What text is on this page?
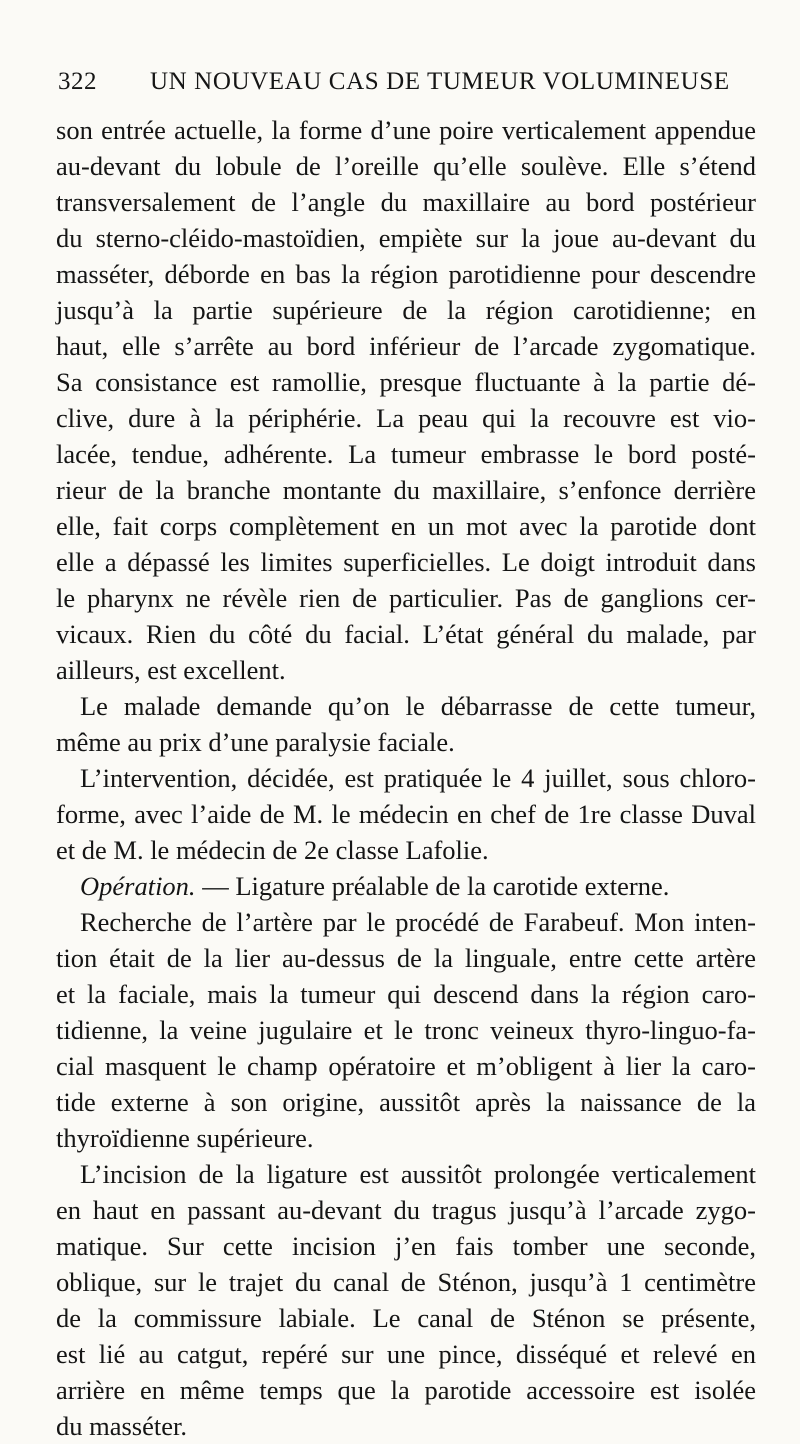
322 UN NOUVEAU CAS DE TUMEUR VOLUMINEUSE
son entrée actuelle, la forme d’une poire verticalement appendue
au-devant du lobule de l’oreille qu’elle soulève. Elle s’étend
transversalement de l’angle du maxillaire au bord postérieur
du sterno-cléido-mastoïdien, empiète sur la joue au-devant du
masséter, déborde en bas la région parotidienne pour descendre
jusqu’à la partie supérieure de la région carotidienne; en
haut, elle s’arrête au bord inférieur de l’arcade zygomatique.
Sa consistance est ramollie, presque fluctuante à la partie dé-
clive, dure à la périphérie. La peau qui la recouvre est vio-
lacée, tendue, adhérente. La tumeur embrasse le bord posté-
rieur de la branche montante du maxillaire, s’enfonce derrière
elle, fait corps complètement en un mot avec la parotide dont
elle a dépassé les limites superficielles. Le doigt introduit dans
le pharynx ne révèle rien de particulier. Pas de ganglions cer-
vicaux. Rien du côté du facial. L’état général du malade, par
ailleurs, est excellent.
Le malade demande qu’on le débarrasse de cette tumeur,
même au prix d’une paralysie faciale.
L’intervention, décidée, est pratiquée le 4 juillet, sous chloro-
forme, avec l’aide de M. le médecin en chef de 1re classe Duval
et de M. le médecin de 2e classe Lafolie.
Opération. — Ligature préalable de la carotide externe.
Recherche de l’artère par le procédé de Farabeuf. Mon inten-
tion était de la lier au-dessus de la linguale, entre cette artère
et la faciale, mais la tumeur qui descend dans la région caro-
tidienne, la veine jugulaire et le tronc veineux thyro-linguo-fa-
cial masquent le champ opératoire et m’obligent à lier la caro-
tide externe à son origine, aussitôt après la naissance de la
thyroïdienne supérieure.
L’incision de la ligature est aussitôt prolongée verticalement
en haut en passant au-devant du tragus jusqu’à l’arcade zygo-
matique. Sur cette incision j’en fais tomber une seconde,
oblique, sur le trajet du canal de Sténon, jusqu’à 1 centimètre
de la commissure labiale. Le canal de Sténon se présente,
est lié au catgut, repéré sur une pince, disséqué et relevé en
arrière en même temps que la parotide accessoire est isolée
du masséter.
